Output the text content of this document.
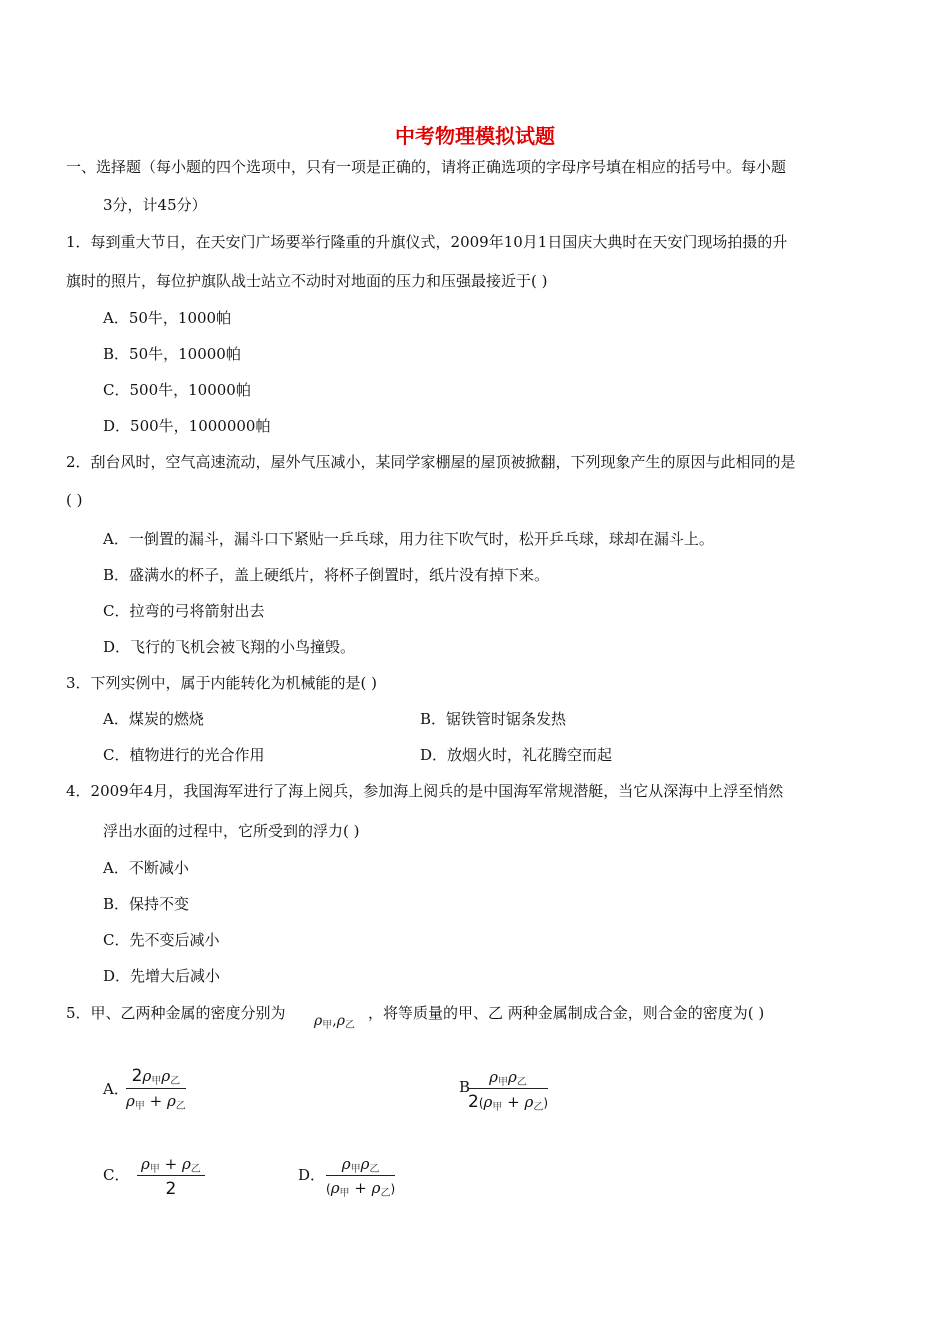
中考物理模拟试题
一、选择题（每小题的四个选项中，只有一项是正确的，请将正确选项的字母序号填在相应的括号中。每小题
3分，计45分）
1．每到重大节日，在天安门广场要举行隆重的升旗仪式，2009年10月1日国庆大典时在天安门现场拍摄的升
旗时的照片，每位护旗队战士站立不动时对地面的压力和压强最接近于( )
A．50牛，1000帕
B．50牛，10000帕
C．500牛，10000帕
D．500牛，1000000帕
2．刮台风时，空气高速流动，屋外气压减小，某同学家棚屋的屋顶被掀翻，下列现象产生的原因与此相同的是
( )
A．一倒置的漏斗，漏斗口下紧贴一乒乓球，用力往下吹气时，松开乒乓球，球却在漏斗上。
B．盛满水的杯子，盖上硬纸片，将杯子倒置时，纸片没有掉下来。
C．拉弯的弓将箭射出去
D．飞行的飞机会被飞翔的小鸟撞毁。
3．下列实例中，属于内能转化为机械能的是( )
A．煤炭的燃烧	B．锯铁管时锯条发热
C．植物进行的光合作用	D．放烟火时，礼花腾空而起
4．2009年4月，我国海军进行了海上阅兵，参加海上阅兵的是中国海军常规潜艇，当它从深海中上浮至悄然
浮出水面的过程中，它所受到的浮力( )
A．不断减小
B．保持不变
C．先不变后减小
D．先增大后减小
5．甲、乙两种金属的密度分别为 $\rho_甲,\rho_乙$
，将等质量的甲、乙 两种金属制成合金，则合金的密度为( )
A．
$2\rho_甲\rho_乙$
$\rho_甲 + \rho_乙$
B
$\rho_甲\rho_乙$
$2(\rho_甲 + \rho_乙)$
C．
$\rho_甲 + \rho_乙$
2
D．
$\rho_甲\rho_乙$
$(\rho_甲 + \rho_乙)$
